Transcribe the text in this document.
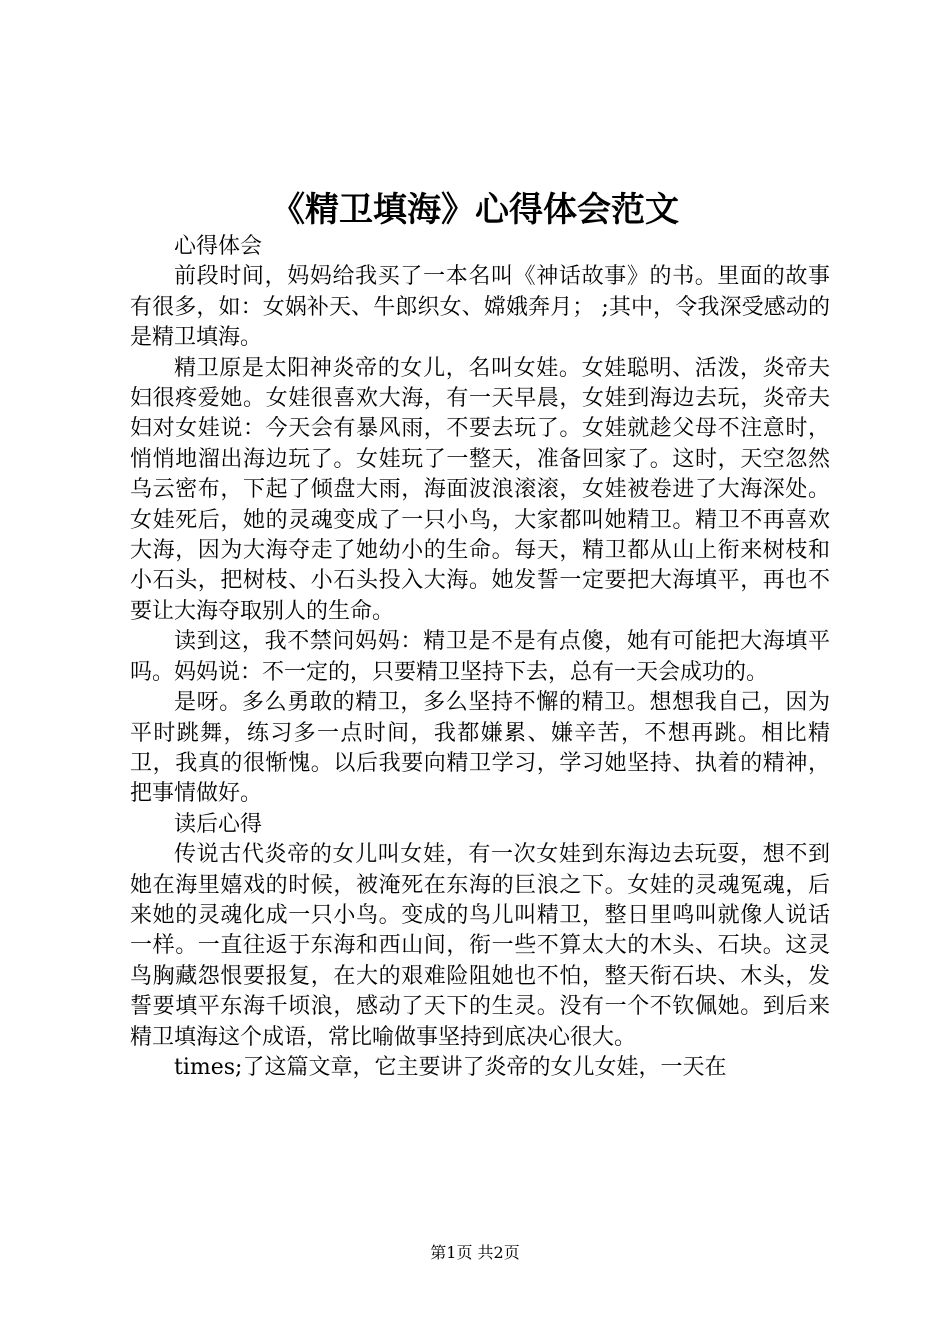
《精卫填海》心得体会范文

心得体会

前段时间，妈妈给我买了一本名叫《神话故事》的书。里面的故事有很多，如：女娲补天、牛郎织女、嫦娥奔月； ;其中，令我深受感动的是精卫填海。

精卫原是太阳神炎帝的女儿，名叫女娃。女娃聪明、活泼，炎帝夫妇很疼爱她。女娃很喜欢大海，有一天早晨，女娃到海边去玩，炎帝夫妇对女娃说：今天会有暴风雨，不要去玩了。女娃就趁父母不注意时，悄悄地溜出海边玩了。女娃玩了一整天，准备回家了。这时，天空忽然乌云密布，下起了倾盘大雨，海面波浪滚滚，女娃被卷进了大海深处。女娃死后，她的灵魂变成了一只小鸟，大家都叫她精卫。精卫不再喜欢大海，因为大海夺走了她幼小的生命。每天，精卫都从山上衔来树枝和小石头，把树枝、小石头投入大海。她发誓一定要把大海填平，再也不要让大海夺取别人的生命。

读到这，我不禁问妈妈：精卫是不是有点傻，她有可能把大海填平吗。妈妈说：不一定的，只要精卫坚持下去，总有一天会成功的。

是呀。多么勇敢的精卫，多么坚持不懈的精卫。想想我自己，因为平时跳舞，练习多一点时间，我都嫌累、嫌辛苦，不想再跳。相比精卫，我真的很惭愧。以后我要向精卫学习，学习她坚持、执着的精神，把事情做好。

读后心得

传说古代炎帝的女儿叫女娃，有一次女娃到东海边去玩耍，想不到她在海里嬉戏的时候，被淹死在东海的巨浪之下。女娃的灵魂冤魂，后来她的灵魂化成一只小鸟。变成的鸟儿叫精卫，整日里鸣叫就像人说话一样。一直往返于东海和西山间，衔一些不算太大的木头、石块。这灵鸟胸藏怨恨要报复，在大的艰难险阻她也不怕，整天衔石块、木头，发誓要填平东海千顷浪，感动了天下的生灵。没有一个不钦佩她。到后来精卫填海这个成语，常比喻做事坚持到底决心很大。

times;了这篇文章，它主要讲了炎帝的女儿女娃，一天在

第1页 共2页
